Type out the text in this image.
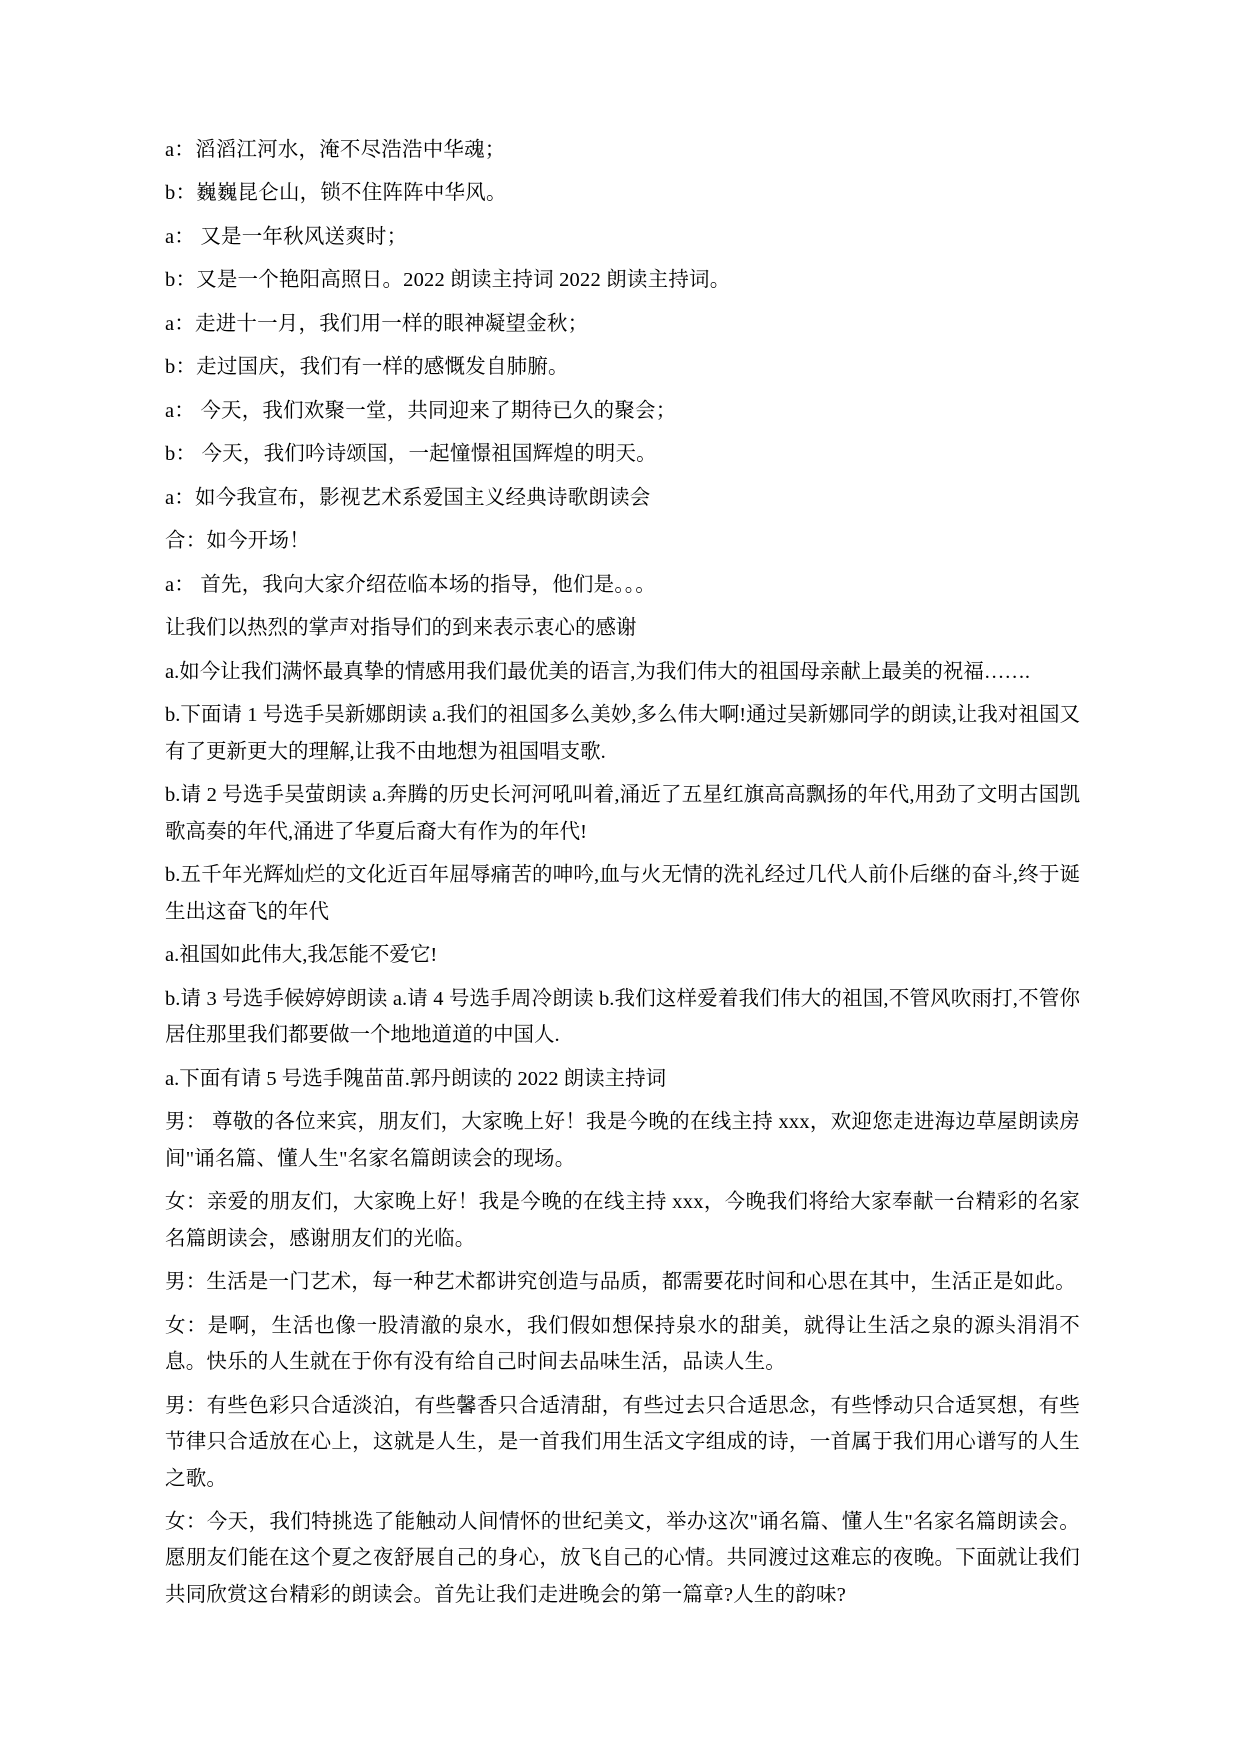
a：滔滔江河水，淹不尽浩浩中华魂；

b：巍巍昆仑山，锁不住阵阵中华风。

a： 又是一年秋风送爽时；

b：又是一个艳阳高照日。2022 朗读主持词 2022 朗读主持词。

a：走进十一月，我们用一样的眼神凝望金秋；

b：走过国庆，我们有一样的感慨发自肺腑。

a： 今天，我们欢聚一堂，共同迎来了期待已久的聚会；

b： 今天，我们吟诗颂国，一起憧憬祖国辉煌的明天。

a：如今我宣布，影视艺术系爱国主义经典诗歌朗读会

合：如今开场！

a： 首先，我向大家介绍莅临本场的指导，他们是。。。

让我们以热烈的掌声对指导们的到来表示衷心的感谢

a.如今让我们满怀最真挚的情感用我们最优美的语言,为我们伟大的祖国母亲献上最美的祝福…….

b.下面请 1 号选手吴新娜朗读 a.我们的祖国多么美妙,多么伟大啊!通过吴新娜同学的朗读,让我对祖国又有了更新更大的理解,让我不由地想为祖国唱支歌.

b.请 2 号选手吴萤朗读 a.奔腾的历史长河河吼叫着,涌近了五星红旗高高飘扬的年代,用劲了文明古国凯歌高奏的年代,涌进了华夏后裔大有作为的年代!

b.五千年光辉灿烂的文化近百年屈辱痛苦的呻吟,血与火无情的洗礼经过几代人前仆后继的奋斗,终于诞生出这奋飞的年代

a.祖国如此伟大,我怎能不爱它!

b.请 3 号选手候婷婷朗读 a.请 4 号选手周冷朗读 b.我们这样爱着我们伟大的祖国,不管风吹雨打,不管你居住那里我们都要做一个地地道道的中国人.

a.下面有请 5 号选手隗苗苗.郭丹朗读的 2022 朗读主持词

男： 尊敬的各位来宾，朋友们，大家晚上好！我是今晚的在线主持 xxx，欢迎您走进海边草屋朗读房间"诵名篇、懂人生"名家名篇朗读会的现场。

女：亲爱的朋友们，大家晚上好！我是今晚的在线主持 xxx，今晚我们将给大家奉献一台精彩的名家名篇朗读会，感谢朋友们的光临。

男：生活是一门艺术，每一种艺术都讲究创造与品质，都需要花时间和心思在其中，生活正是如此。

女：是啊，生活也像一股清澈的泉水，我们假如想保持泉水的甜美，就得让生活之泉的源头涓涓不息。快乐的人生就在于你有没有给自己时间去品味生活，品读人生。

男：有些色彩只合适淡泊，有些馨香只合适清甜，有些过去只合适思念，有些悸动只合适冥想，有些节律只合适放在心上，这就是人生，是一首我们用生活文字组成的诗，一首属于我们用心谱写的人生之歌。

女：今天，我们特挑选了能触动人间情怀的世纪美文，举办这次"诵名篇、懂人生"名家名篇朗读会。愿朋友们能在这个夏之夜舒展自己的身心，放飞自己的心情。共同渡过这难忘的夜晚。下面就让我们共同欣赏这台精彩的朗读会。首先让我们走进晚会的第一篇章?人生的韵味?
